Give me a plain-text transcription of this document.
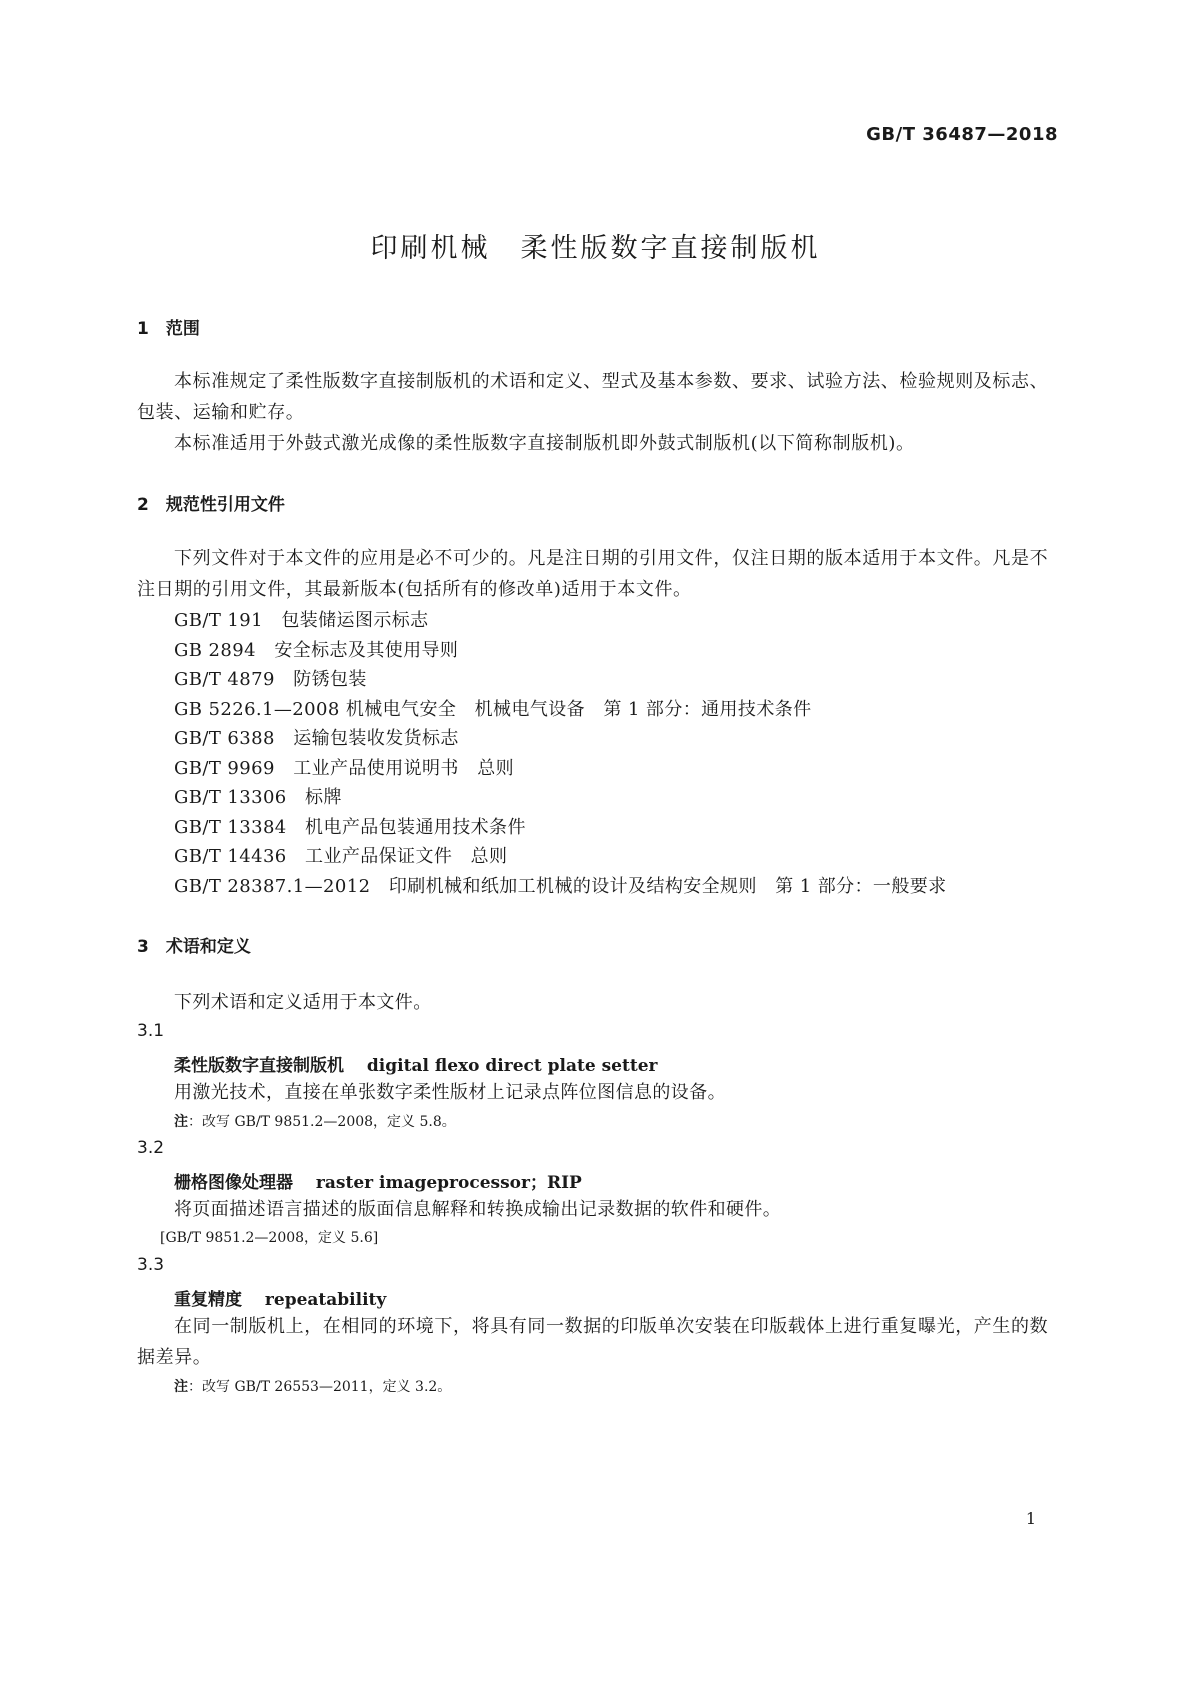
GB/T 36487—2018
印刷机械　柔性版数字直接制版机
1　范围
本标准规定了柔性版数字直接制版机的术语和定义、型式及基本参数、要求、试验方法、检验规则及标志、包装、运输和贮存。
本标准适用于外鼓式激光成像的柔性版数字直接制版机即外鼓式制版机(以下简称制版机)。
2　规范性引用文件
下列文件对于本文件的应用是必不可少的。凡是注日期的引用文件，仅注日期的版本适用于本文件。凡是不注日期的引用文件，其最新版本(包括所有的修改单)适用于本文件。
GB/T 191　包装储运图示标志
GB 2894　安全标志及其使用导则
GB/T 4879　防锈包装
GB 5226.1—2008 机械电气安全　机械电气设备　第 1 部分：通用技术条件
GB/T 6388　运输包装收发货标志
GB/T 9969　工业产品使用说明书　总则
GB/T 13306　标牌
GB/T 13384　机电产品包装通用技术条件
GB/T 14436　工业产品保证文件　总则
GB/T 28387.1—2012　印刷机械和纸加工机械的设计及结构安全规则　第 1 部分：一般要求
3　术语和定义
下列术语和定义适用于本文件。
3.1
柔性版数字直接制版机　 digital flexo direct plate setter
用激光技术，直接在单张数字柔性版材上记录点阵位图信息的设备。
注：改写 GB/T 9851.2—2008，定义 5.8。
3.2
栅格图像处理器　 raster imageprocessor；RIP
将页面描述语言描述的版面信息解释和转换成输出记录数据的软件和硬件。
[GB/T 9851.2—2008，定义 5.6]
3.3
重复精度　 repeatability
在同一制版机上，在相同的环境下，将具有同一数据的印版单次安装在印版载体上进行重复曝光，产生的数据差异。
注：改写 GB/T 26553—2011，定义 3.2。
1
